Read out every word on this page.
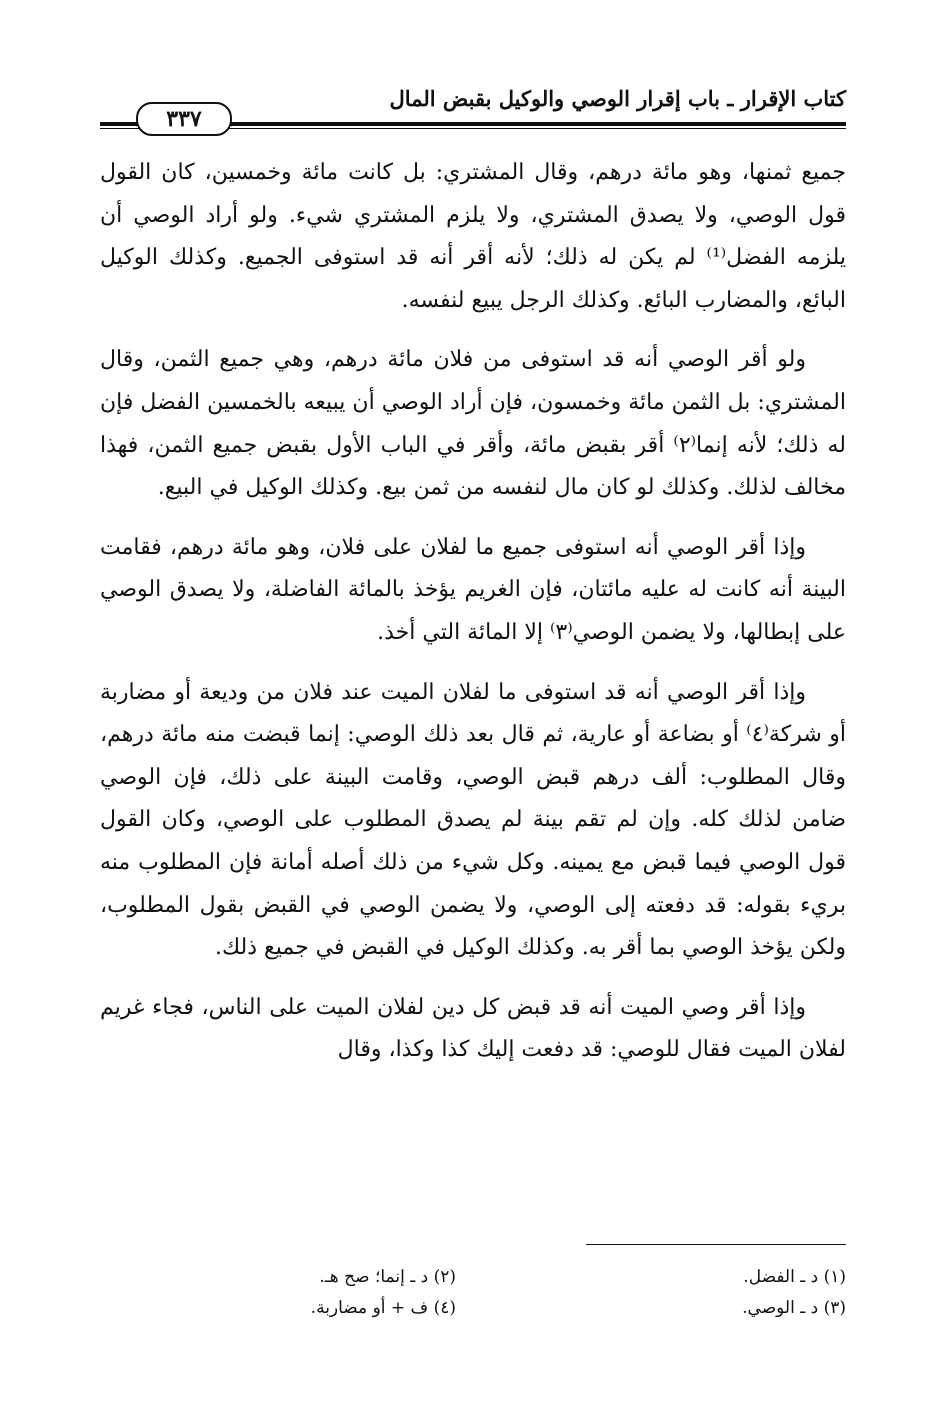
كتاب الإقرار ـ باب إقرار الوصي والوكيل بقبض المال
٣٣٧

جميع ثمنها، وهو مائة درهم، وقال المشتري: بل كانت مائة وخمسين، كان القول قول الوصي، ولا يصدق المشتري، ولا يلزم المشتري شيء. ولو أراد الوصي أن يلزمه الفضل⁽¹⁾ لم يكن له ذلك؛ لأنه أقر أنه قد استوفى الجميع. وكذلك الوكيل البائع، والمضارب البائع. وكذلك الرجل يبيع لنفسه.

ولو أقر الوصي أنه قد استوفى من فلان مائة درهم، وهي جميع الثمن، وقال المشتري: بل الثمن مائة وخمسون، فإن أراد الوصي أن يبيعه بالخمسين الفضل فإن له ذلك؛ لأنه إنما⁽٢⁾ أقر بقبض مائة، وأقر في الباب الأول بقبض جميع الثمن، فهذا مخالف لذلك. وكذلك لو كان مال لنفسه من ثمن بيع. وكذلك الوكيل في البيع.

وإذا أقر الوصي أنه استوفى جميع ما لفلان على فلان، وهو مائة درهم، فقامت البينة أنه كانت له عليه مائتان، فإن الغريم يؤخذ بالمائة الفاضلة، ولا يصدق الوصي على إبطالها، ولا يضمن الوصي⁽٣⁾ إلا المائة التي أخذ.

وإذا أقر الوصي أنه قد استوفى ما لفلان الميت عند فلان من وديعة أو مضاربة أو شركة⁽٤⁾ أو بضاعة أو عارية، ثم قال بعد ذلك الوصي: إنما قبضت منه مائة درهم، وقال المطلوب: ألف درهم قبض الوصي، وقامت البينة على ذلك، فإن الوصي ضامن لذلك كله. وإن لم تقم بينة لم يصدق المطلوب على الوصي، وكان القول قول الوصي فيما قبض مع يمينه. وكل شيء من ذلك أصله أمانة فإن المطلوب منه بريء بقوله: قد دفعته إلى الوصي، ولا يضمن الوصي في القبض بقول المطلوب، ولكن يؤخذ الوصي بما أقر به. وكذلك الوكيل في القبض في جميع ذلك.

وإذا أقر وصي الميت أنه قد قبض كل دين لفلان الميت على الناس، فجاء غريم لفلان الميت فقال للوصي: قد دفعت إليك كذا وكذا، وقال

(١) د ـ الفضل.
(٣) د ـ الوصي.
(٢) د ـ إنما؛ صح هـ.
(٤) ف + أو مضاربة.
